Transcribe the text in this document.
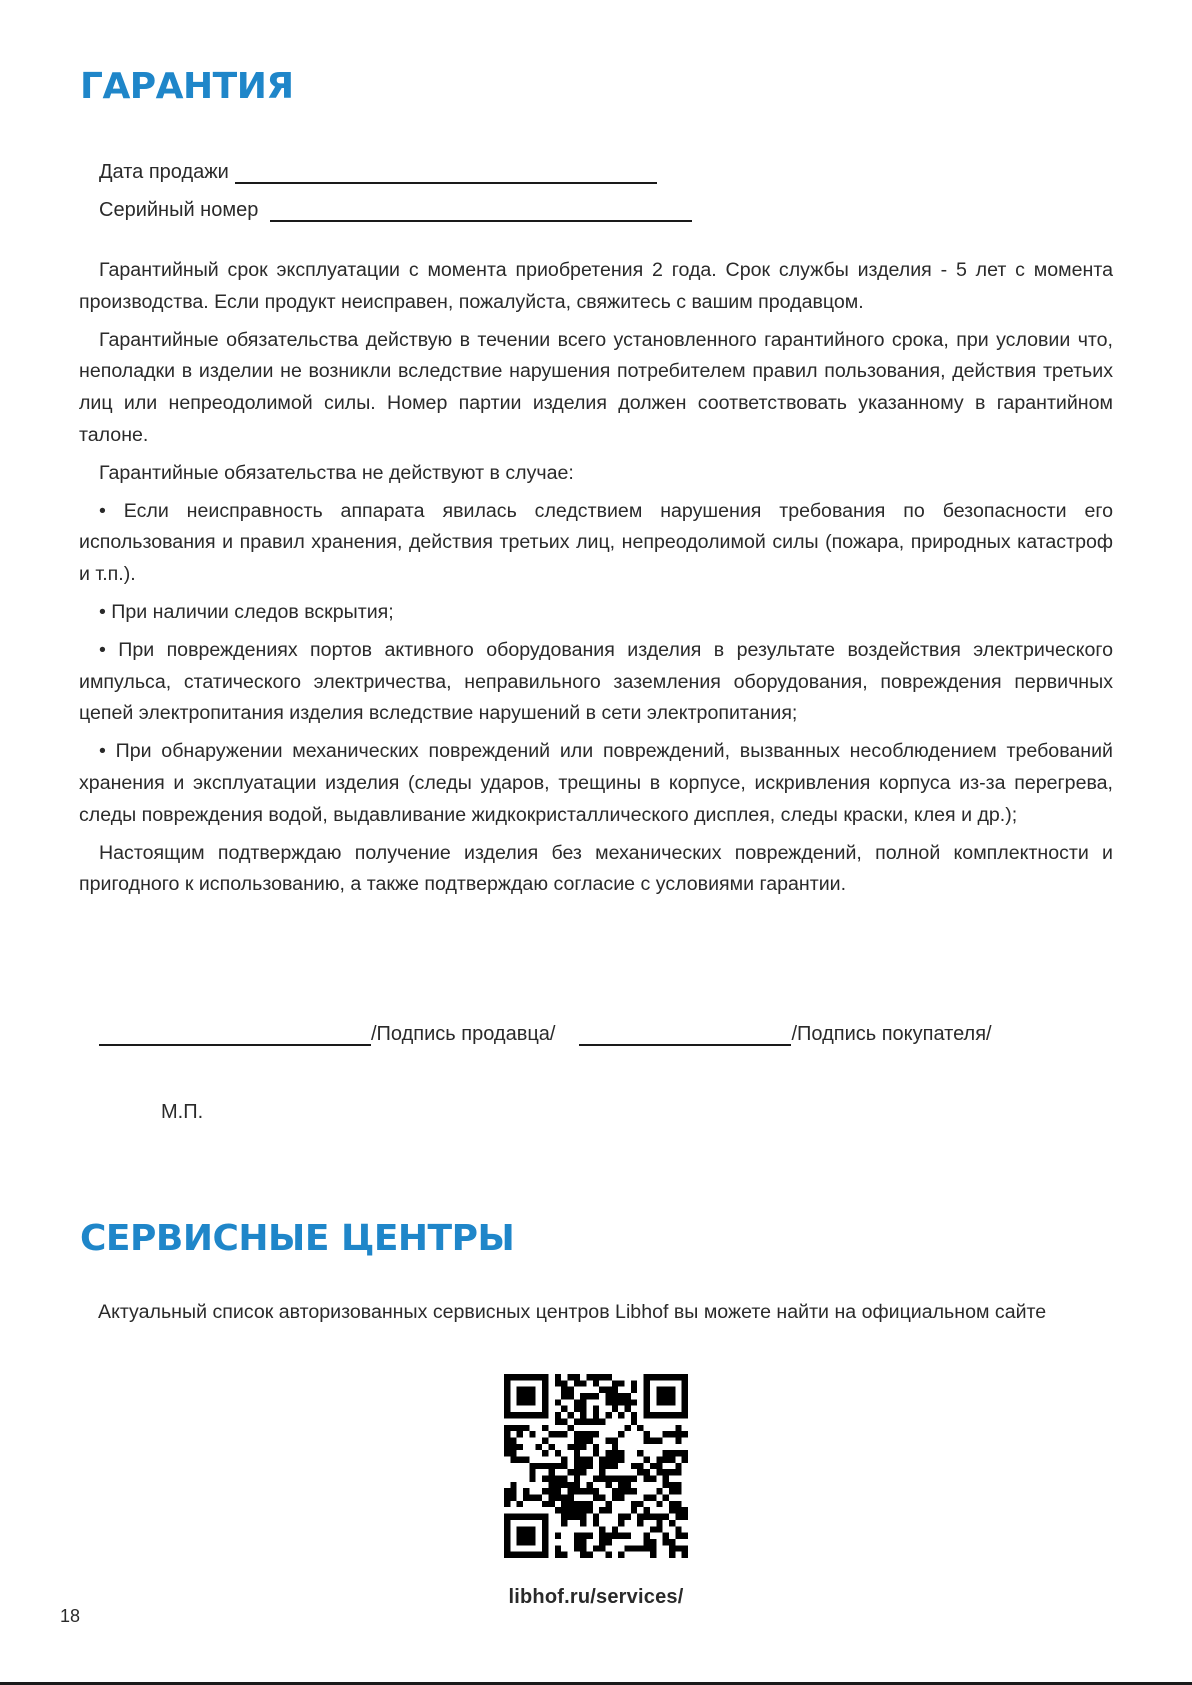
ГАРАНТИЯ
Дата продажи
Серийный номер

Гарантийный срок эксплуатации с момента приобретения 2 года. Срок службы изделия - 5 лет с момента производства. Если продукт неисправен, пожалуйста, свяжитесь с вашим продавцом.

Гарантийные обязательства действую в течении всего установленного гарантийного срока, при условии что, неполадки в изделии не возникли вследствие нарушения потребителем правил пользования, действия третьих лиц или непреодолимой силы. Номер партии изделия должен соответствовать указанному в гарантийном талоне.

Гарантийные обязательства не действуют в случае:

• Если неисправность аппарата явилась следствием нарушения требования по безопасности его использования и правил хранения, действия третьих лиц, непреодолимой силы (пожара, природных катастроф и т.п.).

• При наличии следов вскрытия;

• При повреждениях портов активного оборудования изделия в результате воздействия электрического импульса, статического электричества, неправильного заземления оборудования, повреждения первичных цепей электропитания изделия вследствие нарушений в сети электропитания;

• При обнаружении механических повреждений или повреждений, вызванных несоблюдением требований хранения и эксплуатации изделия (следы ударов, трещины в корпусе, искривления корпуса из-за перегрева, следы повреждения водой, выдавливание жидкокристаллического дисплея, следы краски, клея и др.);

Настоящим подтверждаю получение изделия без механических повреждений, полной комплектности и пригодного к использованию, а также подтверждаю согласие с условиями гарантии.

/Подпись продавца/	/Подпись покупателя/
М.П.
СЕРВИСНЫЕ ЦЕНТРЫ
Актуальный список авторизованных сервисных центров Libhof вы можете найти на официальном сайте
libhof.ru/services/
18
